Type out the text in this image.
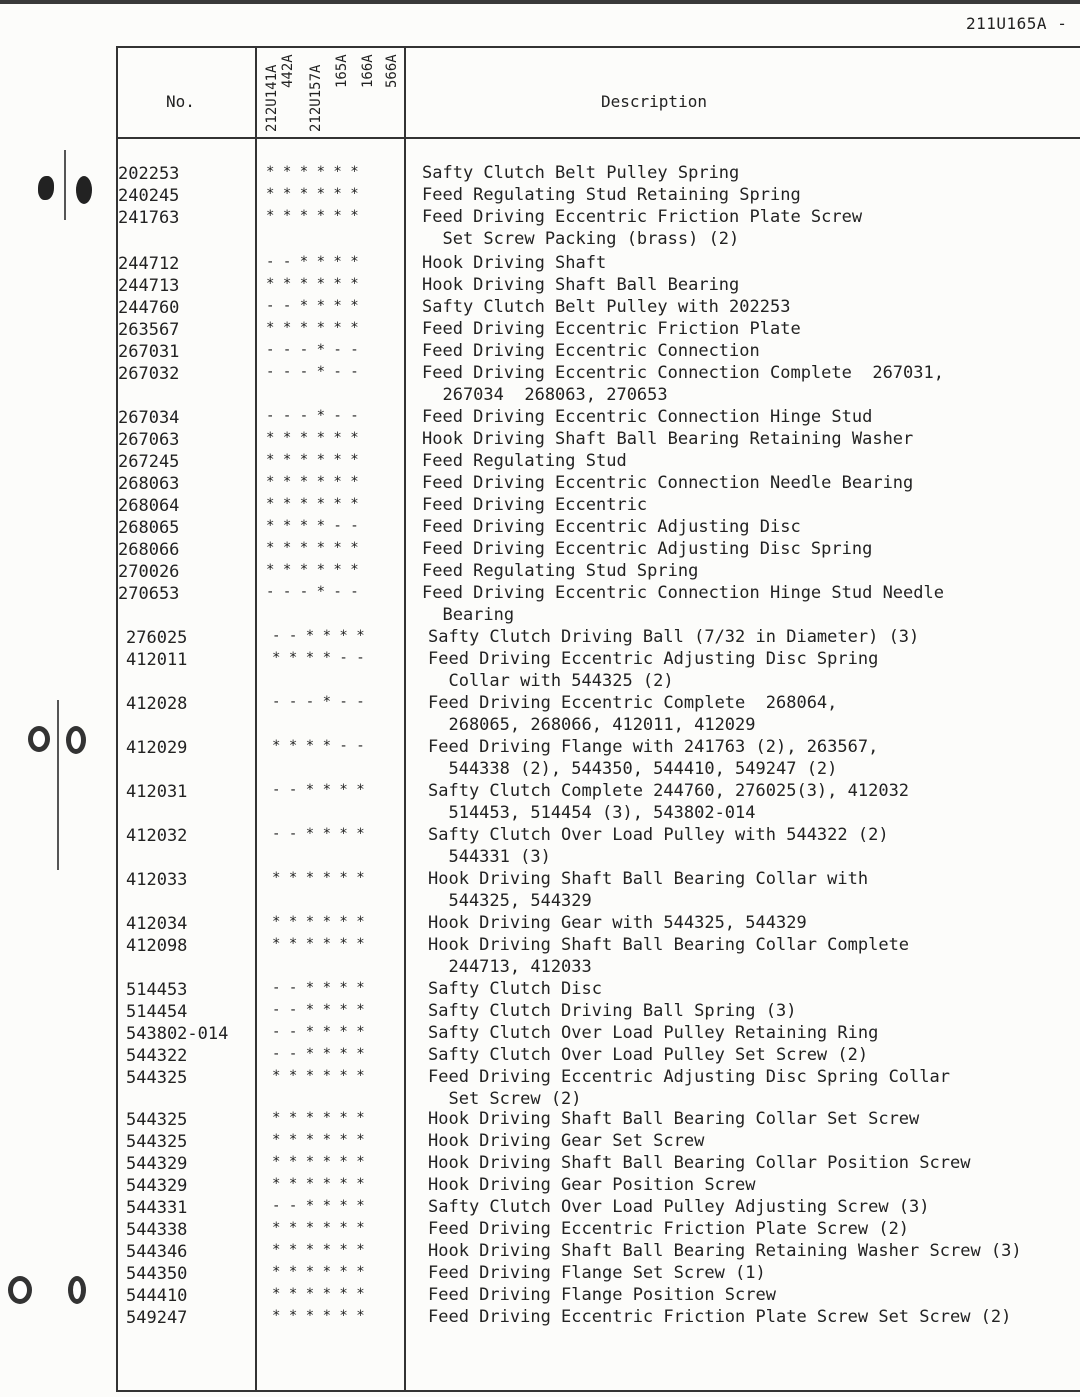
211U165A -
No.	Description
212U141A 442A 212U157A 165A 166A 566A
202253	* * * * * *	Safty Clutch Belt Pulley Spring
240245	* * * * * *	Feed Regulating Stud Retaining Spring
241763	* * * * * *	Feed Driving Eccentric Friction Plate Screw
Set Screw Packing (brass) (2)
244712	- - * * * *	Hook Driving Shaft
244713	* * * * * *	Hook Driving Shaft Ball Bearing
244760	- - * * * *	Safty Clutch Belt Pulley with 202253
263567	* * * * * *	Feed Driving Eccentric Friction Plate
267031	- - - * - -	Feed Driving Eccentric Connection
267032	- - - * - -	Feed Driving Eccentric Connection Complete  267031,
267034  268063, 270653
267034	- - - * - -	Feed Driving Eccentric Connection Hinge Stud
267063	* * * * * *	Hook Driving Shaft Ball Bearing Retaining Washer
267245	* * * * * *	Feed Regulating Stud
268063	* * * * * *	Feed Driving Eccentric Connection Needle Bearing
268064	* * * * * *	Feed Driving Eccentric
268065	* * * * - -	Feed Driving Eccentric Adjusting Disc
268066	* * * * * *	Feed Driving Eccentric Adjusting Disc Spring
270026	* * * * * *	Feed Regulating Stud Spring
270653	- - - * - -	Feed Driving Eccentric Connection Hinge Stud Needle
Bearing
276025	- - * * * *	Safty Clutch Driving Ball (7/32 in Diameter) (3)
412011	* * * * - -	Feed Driving Eccentric Adjusting Disc Spring
Collar with 544325 (2)
412028	- - - * - -	Feed Driving Eccentric Complete  268064,
268065, 268066, 412011, 412029
412029	* * * * - -	Feed Driving Flange with 241763 (2), 263567,
544338 (2), 544350, 544410, 549247 (2)
412031	- - * * * *	Safty Clutch Complete 244760, 276025(3), 412032
514453, 514454 (3), 543802-014
412032	- - * * * *	Safty Clutch Over Load Pulley with 544322 (2)
544331 (3)
412033	* * * * * *	Hook Driving Shaft Ball Bearing Collar with
544325, 544329
412034	* * * * * *	Hook Driving Gear with 544325, 544329
412098	* * * * * *	Hook Driving Shaft Ball Bearing Collar Complete
244713, 412033
514453	- - * * * *	Safty Clutch Disc
514454	- - * * * *	Safty Clutch Driving Ball Spring (3)
543802-014	- - * * * *	Safty Clutch Over Load Pulley Retaining Ring
544322	- - * * * *	Safty Clutch Over Load Pulley Set Screw (2)
544325	* * * * * *	Feed Driving Eccentric Adjusting Disc Spring Collar
Set Screw (2)
544325	* * * * * *	Hook Driving Shaft Ball Bearing Collar Set Screw
544325	* * * * * *	Hook Driving Gear Set Screw
544329	* * * * * *	Hook Driving Shaft Ball Bearing Collar Position Screw
544329	* * * * * *	Hook Driving Gear Position Screw
544331	- - * * * *	Safty Clutch Over Load Pulley Adjusting Screw (3)
544338	* * * * * *	Feed Driving Eccentric Friction Plate Screw (2)
544346	* * * * * *	Hook Driving Shaft Ball Bearing Retaining Washer Screw (3)
544350	* * * * * *	Feed Driving Flange Set Screw (1)
544410	* * * * * *	Feed Driving Flange Position Screw
549247	* * * * * *	Feed Driving Eccentric Friction Plate Screw Set Screw (2)
